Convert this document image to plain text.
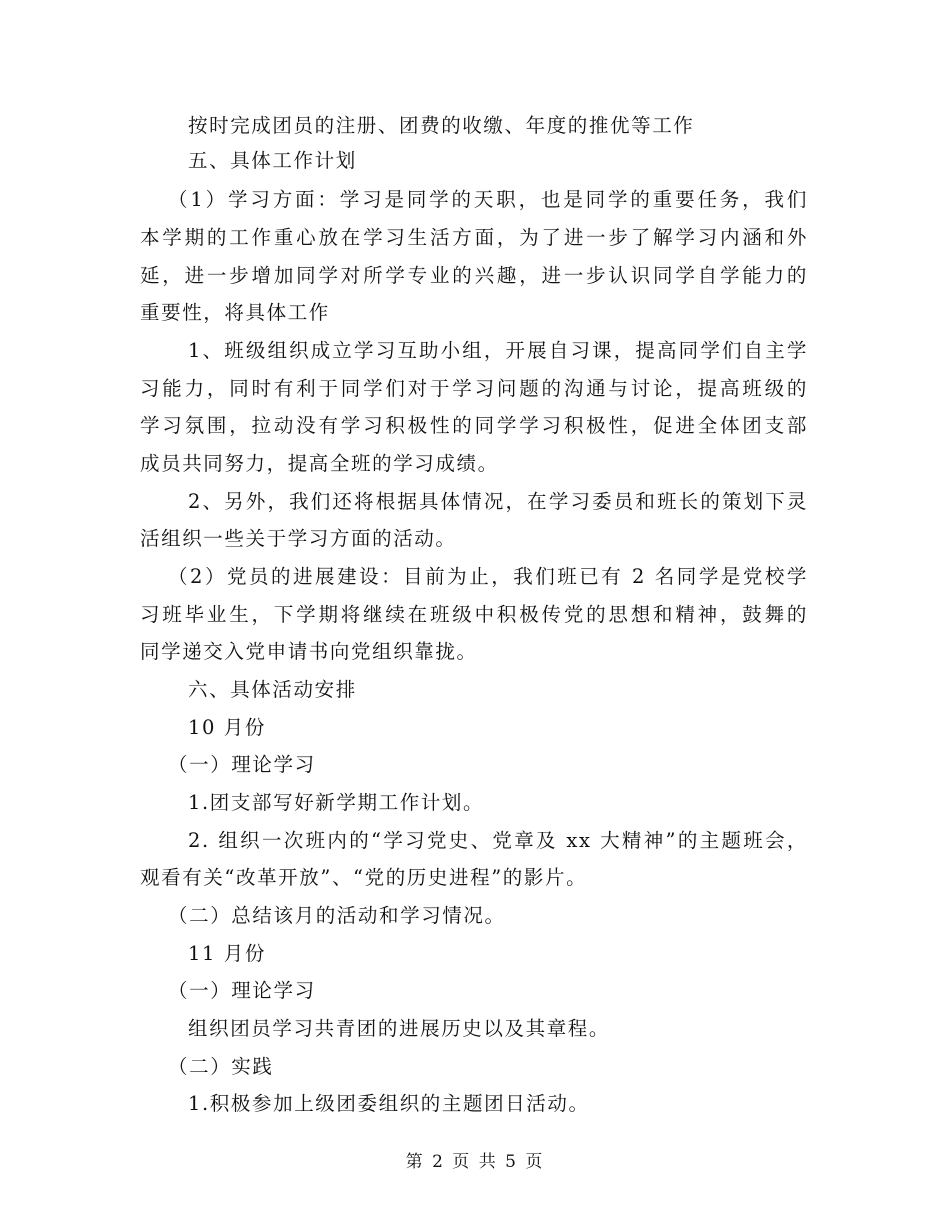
按时完成团员的注册、团费的收缴、年度的推优等工作
五、具体工作计划
（1）学习方面：学习是同学的天职，也是同学的重要任务，我们
本学期的工作重心放在学习生活方面，为了进一步了解学习内涵和外
延，进一步增加同学对所学专业的兴趣，进一步认识同学自学能力的
重要性，将具体工作
1、班级组织成立学习互助小组，开展自习课，提高同学们自主学
习能力，同时有利于同学们对于学习问题的沟通与讨论，提高班级的
学习氛围，拉动没有学习积极性的同学学习积极性，促进全体团支部
成员共同努力，提高全班的学习成绩。
2、另外，我们还将根据具体情况，在学习委员和班长的策划下灵
活组织一些关于学习方面的活动。
（2）党员的进展建设：目前为止，我们班已有 2 名同学是党校学
习班毕业生，下学期将继续在班级中积极传党的思想和精神，鼓舞的
同学递交入党申请书向党组织靠拢。
六、具体活动安排
10 月份
（一）理论学习
1.团支部写好新学期工作计划。
2. 组织一次班内的“学习党史、党章及 xx 大精神”的主题班会，
观看有关“改革开放”、“党的历史进程”的影片。
（二）总结该月的活动和学习情况。
11 月份
（一）理论学习
组织团员学习共青团的进展历史以及其章程。
（二）实践
1.积极参加上级团委组织的主题团日活动。
第 2 页 共 5 页
